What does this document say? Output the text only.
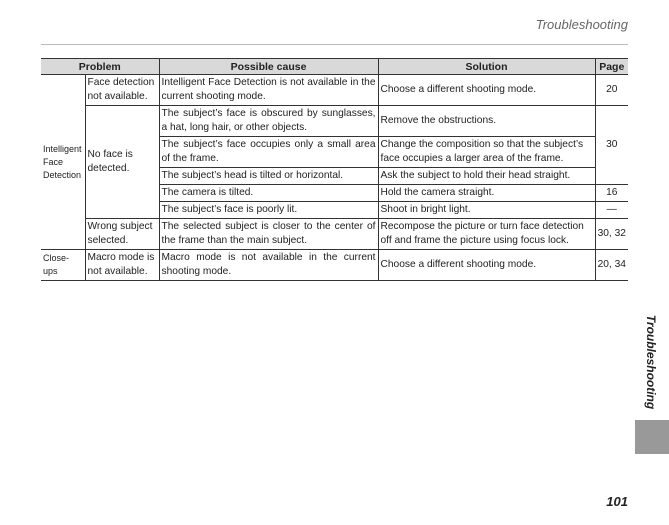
Troubleshooting
Problem		Possible cause	Solution	Page
Intelligent Face Detection	Face detection not available.	Intelligent Face Detection is not available in the current shooting mode.	Choose a different shooting mode.	20
	No face is detected.	The subject’s face is obscured by sunglasses, a hat, long hair, or other objects.	Remove the obstructions.	30
		The subject’s face occupies only a small area of the frame.	Change the composition so that the subject’s face occupies a larger area of the frame.	
		The subject’s head is tilted or horizontal.	Ask the subject to hold their head straight.	
		The camera is tilted.	Hold the camera straight.	16
		The subject’s face is poorly lit.	Shoot in bright light.	—
	Wrong subject selected.	The selected subject is closer to the center of the frame than the main subject.	Recompose the picture or turn face detection off and frame the picture using focus lock.	30, 32
Close-ups	Macro mode is not available.	Macro mode is not available in the current shooting mode.	Choose a different shooting mode.	20, 34
Troubleshooting
101
